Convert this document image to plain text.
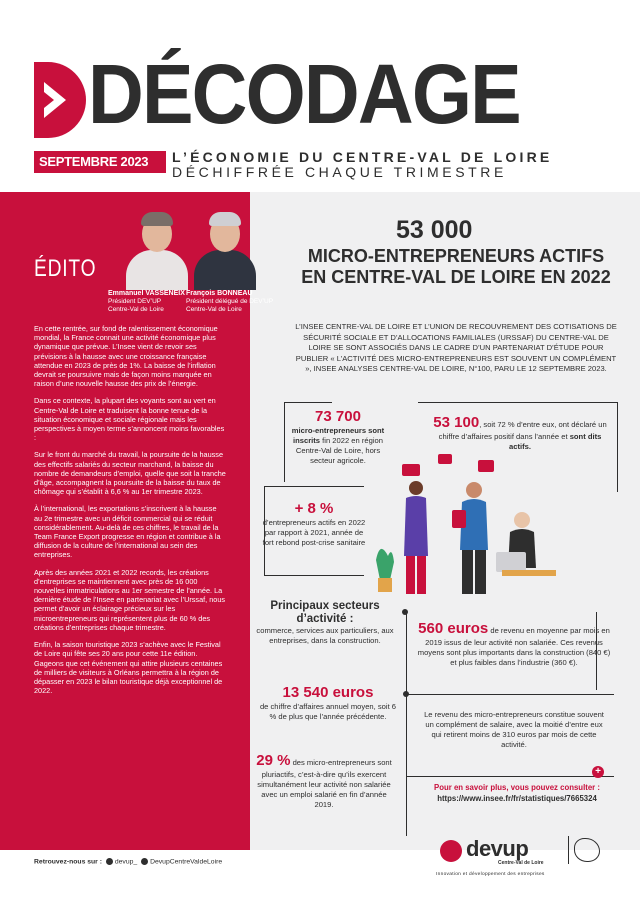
DÉCODAGE
SEPTEMBRE 2023 #70
L’ÉCONOMIE DU CENTRE-VAL DE LOIRE
DÉCHIFFRÉE CHAQUE TRIMESTRE
ÉDITO
Emmanuel VASSENEIX
Président DEV’UP
Centre-Val de Loire
François BONNEAU
Président délégué de DEV’UP
Centre-Val de Loire

En cette rentrée, sur fond de ralentissement économique mondial, la France connait une activité économique plus dynamique que prévue. L’Insee vient de revoir ses prévisions à la hausse avec une croissance française attendue en 2023 de près de 1%. La baisse de l’inflation devrait se poursuivre mais de façon moins marquée en raison d’une nouvelle hausse des prix de l’énergie.

Dans ce contexte, la plupart des voyants sont au vert en Centre-Val de Loire et traduisent la bonne tenue de la situation économique et sociale régionale mais les perspectives à moyen terme s’annoncent moins favorables :

Sur le front du marché du travail, la poursuite de la hausse des effectifs salariés du secteur marchand, la baisse du nombre de demandeurs d’emploi, quelle que soit la tranche d’âge, accompagnent la poursuite de la baisse du taux de chômage qui s’établit à 6,6 % au 1er trimestre 2023.

À l’international, les exportations s’inscrivent à la hausse au 2e trimestre avec un déficit commercial qui se réduit considérablement. Au-delà de ces chiffres, le travail de la Team France Export progresse en région et contribue à la diffusion de la culture de l’international au sein des entreprises.

Après des années 2021 et 2022 records, les créations d’entreprises se maintiennent avec près de 16 000 nouvelles immatriculations au 1er semestre de l’année. La dernière étude de l’Insee en partenariat avec l’Urssaf, nous permet d’avoir un éclairage précieux sur les microentrepreneurs qui représentent plus de 60 % des créations d’entreprises chaque trimestre.

Enfin, la saison touristique 2023 s’achève avec le Festival de Loire qui fête ses 20 ans pour cette 11e édition. Gageons que cet événement qui attire plusieurs centaines de milliers de visiteurs à Orléans permettra à la région de dépasser en 2023 le bilan touristique déjà exceptionnel de 2022.

53 000
MICRO-ENTREPRENEURS ACTIFS EN CENTRE-VAL DE LOIRE EN 2022
L’INSEE CENTRE-VAL DE LOIRE ET L’UNION DE RECOUVREMENT DES COTISATIONS DE SÉCURITÉ SOCIALE ET D’ALLOCATIONS FAMILIALES (URSSAF) DU CENTRE-VAL DE LOIRE SE SONT ASSOCIÉS DANS LE CADRE D’UN PARTENARIAT D’ÉTUDE POUR PUBLIER « L’ACTIVITÉ DES MICRO-ENTREPRENEURS EST SOUVENT UN COMPLÉMENT », INSEE ANALYSES CENTRE-VAL DE LOIRE, N°100, PARU LE 12 SEPTEMBRE 2023.
+
73 700
micro-entrepreneurs sont inscrits fin 2022 en région Centre-Val de Loire, hors secteur agricole.
53 100, soit 72 % d’entre eux, ont déclaré un chiffre d’affaires positif dans l’année et sont dits actifs.
+ 8 %
d’entrepreneurs actifs en 2022 par rapport à 2021, année de fort rebond post-crise sanitaire
Principaux secteurs d’activité :
commerce, services aux particuliers, aux entreprises, dans la construction.
560 euros de revenu en moyenne par mois en 2019 issus de leur activité non salariée. Ces revenus moyens sont plus importants dans la construction (840 €) et plus faibles dans l’industrie (360 €).
13 540 euros
de chiffre d’affaires annuel moyen, soit 6 % de plus que l’année précédente.	Le revenu des micro-entrepreneurs constitue souvent un complément de salaire, avec la moitié d’entre eux qui retirent moins de 310 euros par mois de cette activité.
29 % des micro-entrepreneurs sont pluriactifs, c’est-à-dire qu’ils exercent simultanément leur activité non salariée avec un emploi salarié en fin d’année 2019.
Pour en savoir plus, vous pouvez consulter :
https://www.insee.fr/fr/statistiques/7665324
Retrouvez-nous sur : devup_ DevupCentreValdeLoire
devup
Centre-Val de Loire
Innovation et développement des entreprises
